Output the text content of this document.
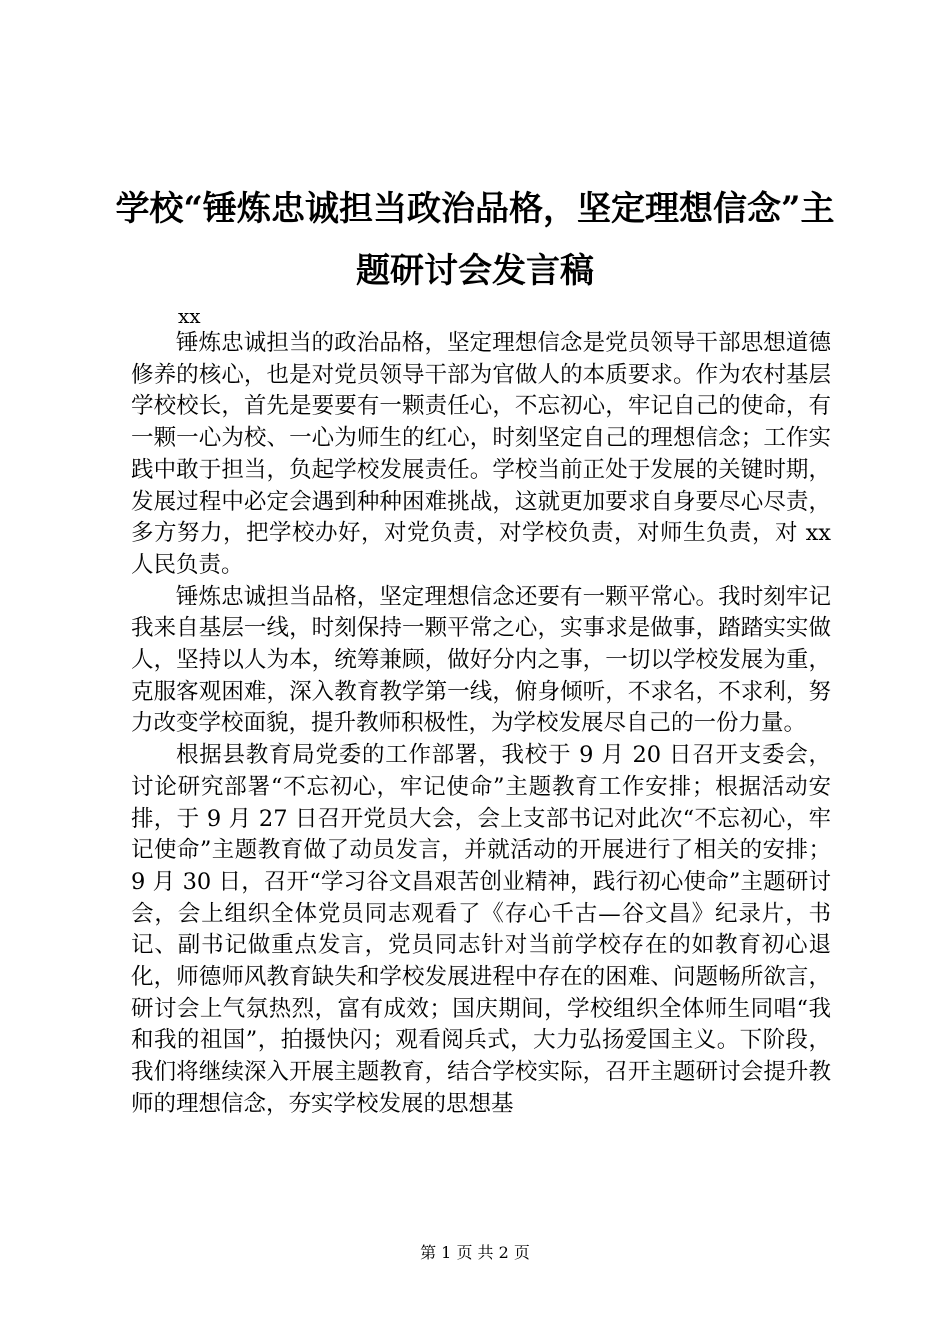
学校“锤炼忠诚担当政治品格，坚定理想信念”主题研讨会发言稿
xx

锤炼忠诚担当的政治品格，坚定理想信念是党员领导干部思想道德修养的核心，也是对党员领导干部为官做人的本质要求。作为农村基层学校校长，首先是要要有一颗责任心，不忘初心，牢记自己的使命，有一颗一心为校、一心为师生的红心，时刻坚定自己的理想信念；工作实践中敢于担当，负起学校发展责任。学校当前正处于发展的关键时期，发展过程中必定会遇到种种困难挑战，这就更加要求自身要尽心尽责，多方努力，把学校办好，对党负责，对学校负责，对师生负责，对 xx 人民负责。

锤炼忠诚担当品格，坚定理想信念还要有一颗平常心。我时刻牢记我来自基层一线，时刻保持一颗平常之心，实事求是做事，踏踏实实做人，坚持以人为本，统筹兼顾，做好分内之事，一切以学校发展为重，克服客观困难，深入教育教学第一线，俯身倾听，不求名，不求利，努力改变学校面貌，提升教师积极性，为学校发展尽自己的一份力量。

根据县教育局党委的工作部署，我校于 9 月 20 日召开支委会，讨论研究部署“不忘初心，牢记使命”主题教育工作安排；根据活动安排，于 9 月 27 日召开党员大会，会上支部书记对此次“不忘初心，牢记使命”主题教育做了动员发言，并就活动的开展进行了相关的安排；9 月 30 日，召开“学习谷文昌艰苦创业精神，践行初心使命”主题研讨会，会上组织全体党员同志观看了《存心千古—谷文昌》纪录片，书记、副书记做重点发言，党员同志针对当前学校存在的如教育初心退化，师德师风教育缺失和学校发展进程中存在的困难、问题畅所欲言，研讨会上气氛热烈，富有成效；国庆期间，学校组织全体师生同唱“我和我的祖国”，拍摄快闪；观看阅兵式，大力弘扬爱国主义。下阶段，我们将继续深入开展主题教育，结合学校实际，召开主题研讨会提升教师的理想信念，夯实学校发展的思想基

第 1 页 共 2 页
